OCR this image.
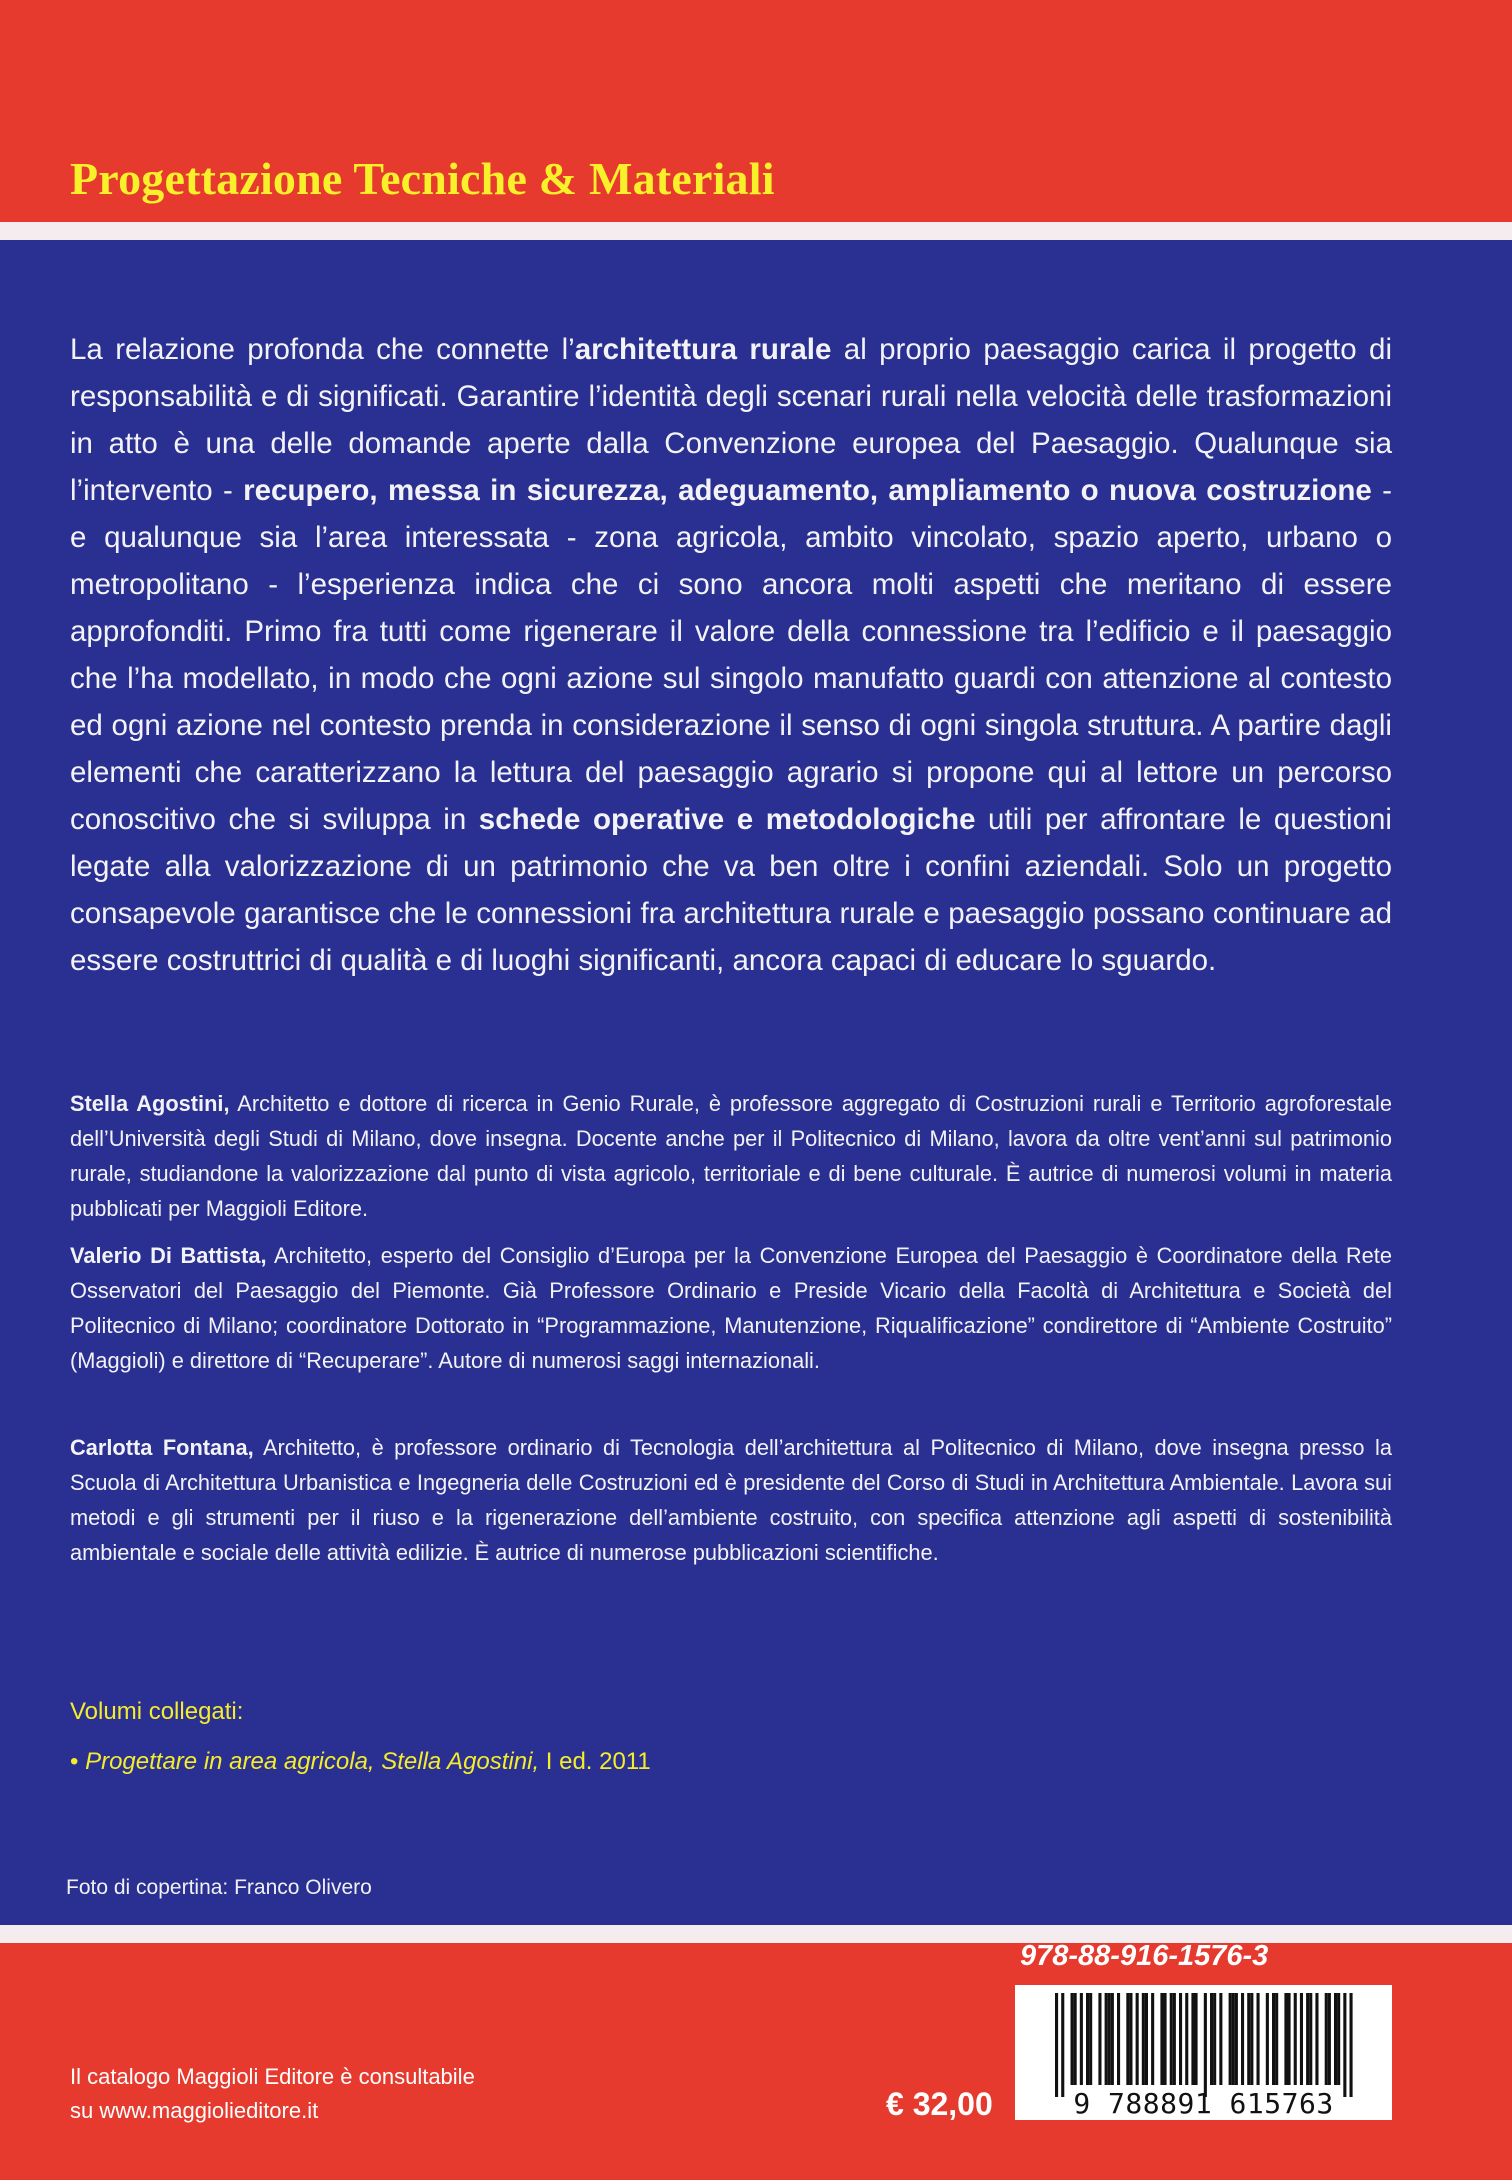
Progettazione Tecniche & Materiali
La relazione profonda che connette l’architettura rurale al proprio paesaggio carica il progetto di responsabilità e di significati. Garantire l’identità degli scenari rurali nella velocità delle trasformazioni in atto è una delle domande aperte dalla Convenzione europea del Paesaggio. Qualunque sia l’intervento - recupero, messa in sicurezza, adeguamento, ampliamento o nuova costruzione - e qualunque sia l’area interessata - zona agricola, ambito vincolato, spazio aperto, urbano o metropolitano - l’esperienza indica che ci sono ancora molti aspetti che meritano di essere approfonditi. Primo fra tutti come rigenerare il valore della connessione tra l’edificio e il paesaggio che l’ha modellato, in modo che ogni azione sul singolo manufatto guardi con attenzione al contesto ed ogni azione nel contesto prenda in considerazione il senso di ogni singola struttura. A partire dagli elementi che caratterizzano la lettura del paesaggio agrario si propone qui al lettore un percorso conoscitivo che si sviluppa in schede operative e metodologiche utili per affrontare le questioni legate alla valorizzazione di un patrimonio che va ben oltre i confini aziendali. Solo un progetto consapevole garantisce che le connessioni fra architettura rurale e paesaggio possano continuare ad essere costruttrici di qualità e di luoghi significanti, ancora capaci di educare lo sguardo.

Stella Agostini, Architetto e dottore di ricerca in Genio Rurale, è professore aggregato di Costruzioni rurali e Territorio agroforestale dell’Università degli Studi di Milano, dove insegna. Docente anche per il Politecnico di Milano, lavora da oltre vent’anni sul patrimonio rurale, studiandone la valorizzazione dal punto di vista agricolo, territoriale e di bene culturale. È autrice di numerosi volumi in materia pubblicati per Maggioli Editore.

Valerio Di Battista, Architetto, esperto del Consiglio d’Europa per la Convenzione Europea del Paesaggio è Coordinatore della Rete Osservatori del Paesaggio del Piemonte. Già Professore Ordinario e Preside Vicario della Facoltà di Architettura e Società del Politecnico di Milano; coordinatore Dottorato in “Programmazione, Manutenzione, Riqualificazione” condirettore di “Ambiente Costruito” (Maggioli) e direttore di “Recuperare”. Autore di numerosi saggi internazionali.

Carlotta Fontana, Architetto, è professore ordinario di Tecnologia dell’architettura al Politecnico di Milano, dove insegna presso la Scuola di Architettura Urbanistica e Ingegneria delle Costruzioni ed è presidente del Corso di Studi in Architettura Ambientale. Lavora sui metodi e gli strumenti per il riuso e la rigenerazione dell’ambiente costruito, con specifica attenzione agli aspetti di sostenibilità ambientale e sociale delle attività edilizie. È autrice di numerose pubblicazioni scientifiche.

Volumi collegati:
• Progettare in area agricola, Stella Agostini, I ed. 2011
Foto di copertina: Franco Olivero
Il catalogo Maggioli Editore è consultabile
su www.maggiolieditore.it	€ 32,00
978-88-916-1576-3
9 788891 615763
